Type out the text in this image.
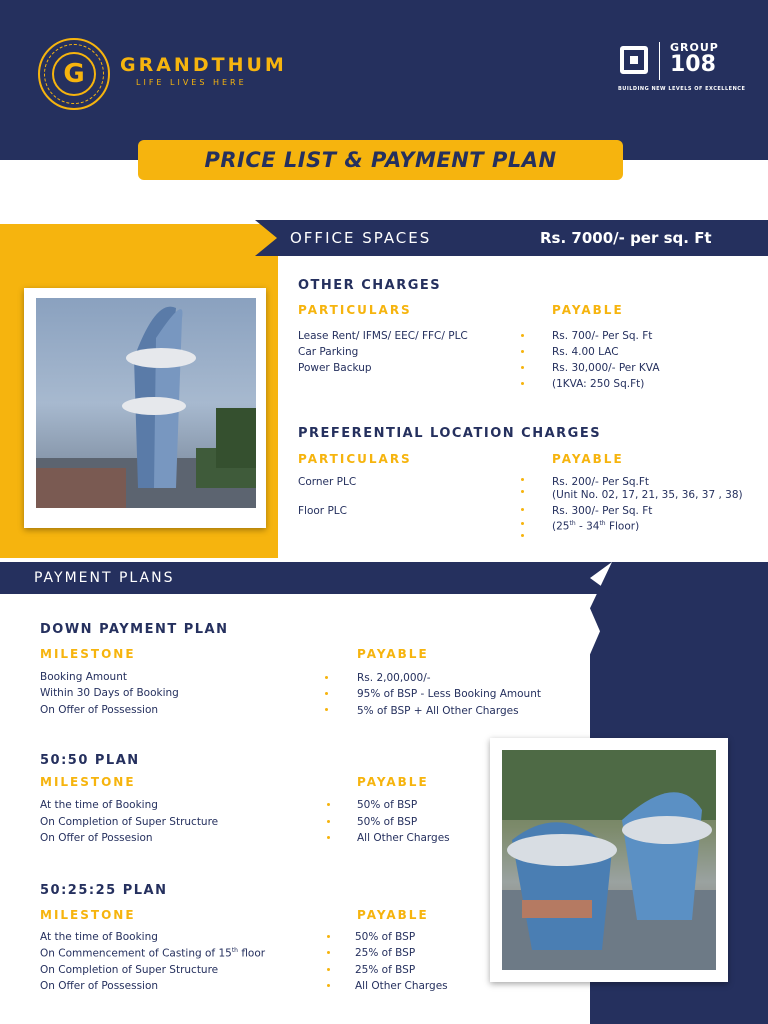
G	GRANDTHUM
LIFE LIVES HERE
GROUP
108
BUILDING NEW LEVELS OF EXCELLENCE
PRICE LIST & PAYMENT PLAN
OFFICE SPACES	Rs. 7000/- per sq. Ft
OTHER CHARGES
PARTICULARS	PAYABLE
Lease Rent/ IFMS/ EEC/ FFC/ PLC	Rs. 700/- Per Sq. Ft
Car Parking	Rs. 4.00 LAC
Power Backup	Rs. 30,000/- Per KVA
(1KVA: 250 Sq.Ft)
PREFERENTIAL LOCATION CHARGES
PARTICULARS	PAYABLE
Corner PLC	Rs. 200/- Per Sq.Ft
(Unit No. 02, 17, 21, 35, 36, 37 , 38)
Floor PLC	Rs. 300/- Per Sq. Ft
(25th - 34th Floor)
PAYMENT PLANS
DOWN PAYMENT PLAN
MILESTONE	PAYABLE
Booking Amount	Rs. 2,00,000/-
Within 30 Days of Booking	95% of BSP - Less Booking Amount
On Offer of Possession	5% of BSP + All Other Charges
50:50 PLAN
MILESTONE	PAYABLE
At the time of Booking	50% of BSP
On Completion of Super Structure	50% of BSP
On Offer of Possesion	All Other Charges
50:25:25 PLAN
MILESTONE	PAYABLE
At the time of Booking	50% of BSP
On Commencement of Casting of 15th floor	25% of BSP
On Completion of Super Structure	25% of BSP
On Offer of Possession	All Other Charges
